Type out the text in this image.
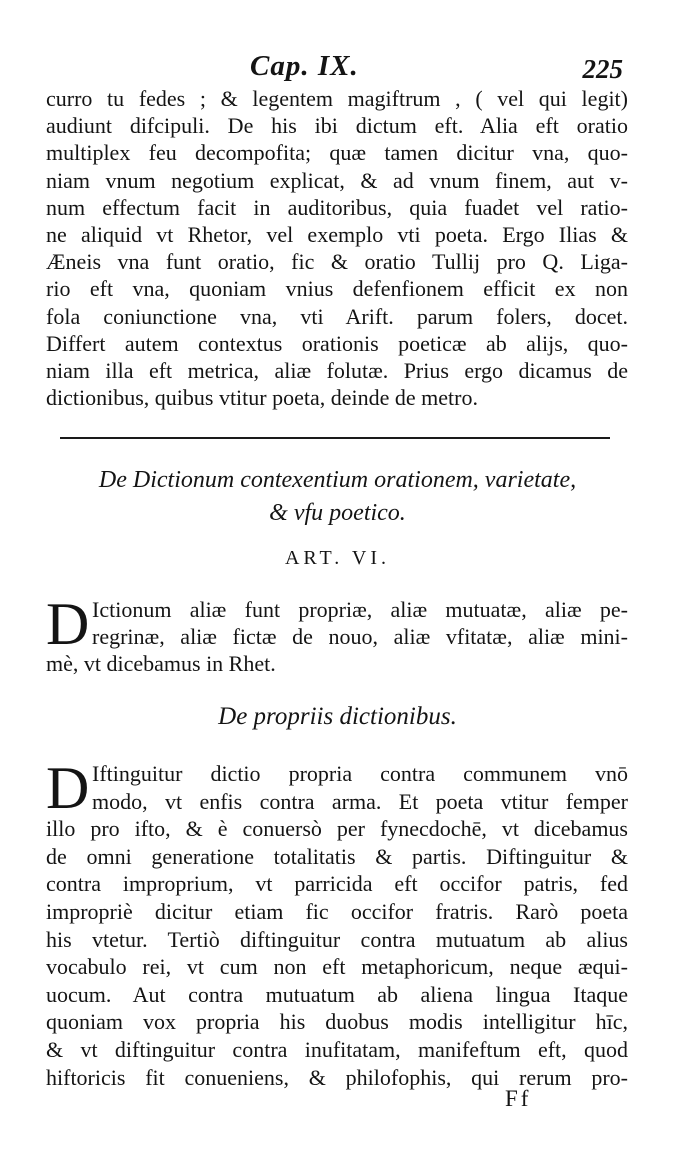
Cap. IX.	225
curro tu fedes ; & legentem magiftrum , ( vel qui legit)
audiunt difcipuli. De his ibi dictum eft. Alia eft oratio
multiplex feu decompofita; quæ tamen dicitur vna, quo-
niam vnum negotium explicat, & ad vnum finem, aut v-
num effectum facit in auditoribus, quia fuadet vel ratio-
ne aliquid vt Rhetor, vel exemplo vti poeta. Ergo Ilias &
Æneis vna funt oratio, fic & oratio Tullij pro Q. Liga-
rio eft vna, quoniam vnius defenfionem efficit ex non
fola coniunctione vna, vti Arift. parum folers, docet.
Differt autem contextus orationis poeticæ ab alijs, quo-
niam illa eft metrica, aliæ folutæ. Prius ergo dicamus de
dictionibus, quibus vtitur poeta, deinde de metro.
De Dictionum contexentium orationem, varietate,
& vfu poetico.
ART. VI.
D Ictionum aliæ funt propriæ, aliæ mutuatæ, aliæ pe-
regrinæ, aliæ fictæ de nouo, aliæ vfitatæ, aliæ mini-
mè, vt dicebamus in Rhet.
De propriis dictionibus.
D Iftinguitur dictio propria contra communem vnō
modo, vt enfis contra arma. Et poeta vtitur femper
illo pro ifto, & è conuersò per fynecdochē, vt dicebamus
de omni generatione totalitatis & partis. Diftinguitur &
contra improprium, vt parricida eft occifor patris, fed
impropriè dicitur etiam fic occifor fratris. Rarò poeta
his vtetur. Tertiò diftinguitur contra mutuatum ab alius
vocabulo rei, vt cum non eft metaphoricum, neque æqui-
uocum. Aut contra mutuatum ab aliena lingua Itaque
quoniam vox propria his duobus modis intelligitur hīc,
& vt diftinguitur contra inufitatam, manifeftum eft, quod
hiftoricis fit conueniens, & philofophis, qui rerum pro-
Ff
